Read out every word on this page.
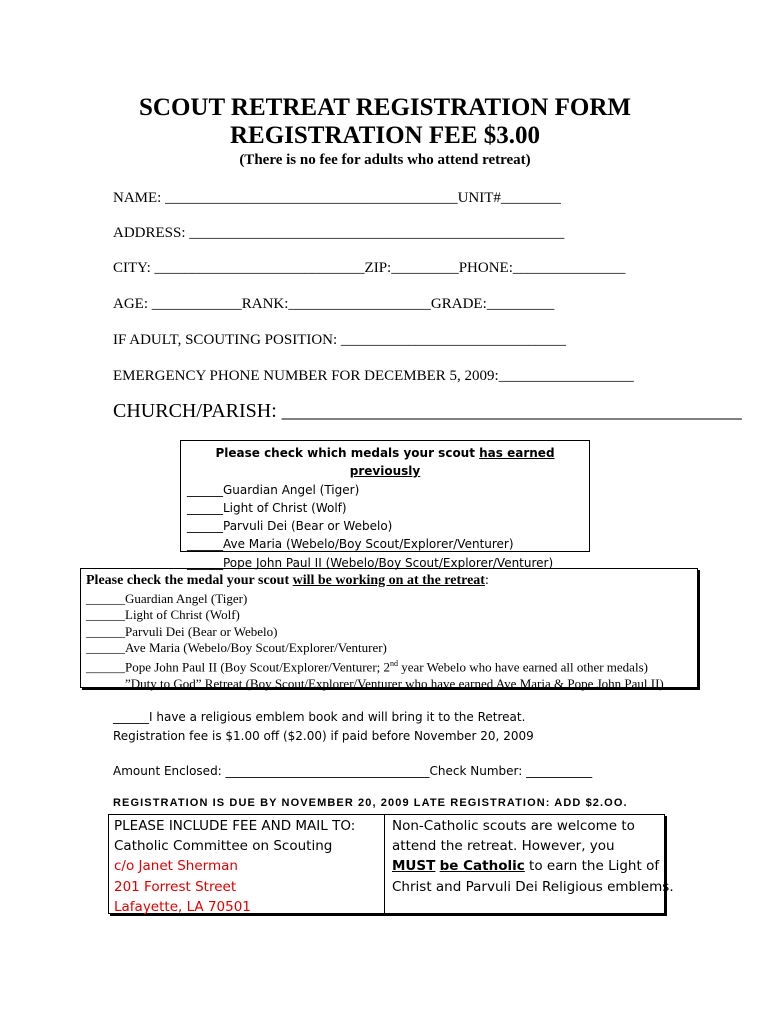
SCOUT RETREAT REGISTRATION FORM
REGISTRATION FEE $3.00
(There is no fee for adults who attend retreat)
NAME: _______________________________________UNIT#________
ADDRESS: __________________________________________________
CITY: ____________________________ZIP:_________PHONE:_______________
AGE: ____________RANK:___________________GRADE:_________
IF ADULT, SCOUTING POSITION: ______________________________
EMERGENCY PHONE NUMBER FOR DECEMBER 5, 2009:__________________
CHURCH/PARISH: ______________________________________________
Please check which medals your scout has earned previously
______Guardian Angel (Tiger)
______Light of Christ (Wolf)
______Parvuli Dei (Bear or Webelo)
______Ave Maria (Webelo/Boy Scout/Explorer/Venturer)
______Pope John Paul II (Webelo/Boy Scout/Explorer/Venturer)
Please check the medal your scout will be working on at the retreat:
______Guardian Angel (Tiger)
______Light of Christ (Wolf)
______Parvuli Dei (Bear or Webelo)
______Ave Maria (Webelo/Boy Scout/Explorer/Venturer)
______Pope John Paul II (Boy Scout/Explorer/Venturer; 2nd year Webelo who have earned all other medals)
______”Duty to God” Retreat (Boy Scout/Explorer/Venturer who have earned Ave Maria & Pope John Paul II)
______I have a religious emblem book and will bring it to the Retreat.
Registration fee is $1.00 off ($2.00) if paid before November 20, 2009
Amount Enclosed: __________________________________Check Number: ___________
REGISTRATION IS DUE BY NOVEMBER 20, 2009 LATE REGISTRATION: ADD $2.OO.
PLEASE INCLUDE FEE AND MAIL TO:
Catholic Committee on Scouting
c/o Janet Sherman
201 Forrest Street
Lafayette, LA 70501
Non-Catholic scouts are welcome to
attend the retreat. However, you
MUST be Catholic to earn the Light of
Christ and Parvuli Dei Religious emblems.
